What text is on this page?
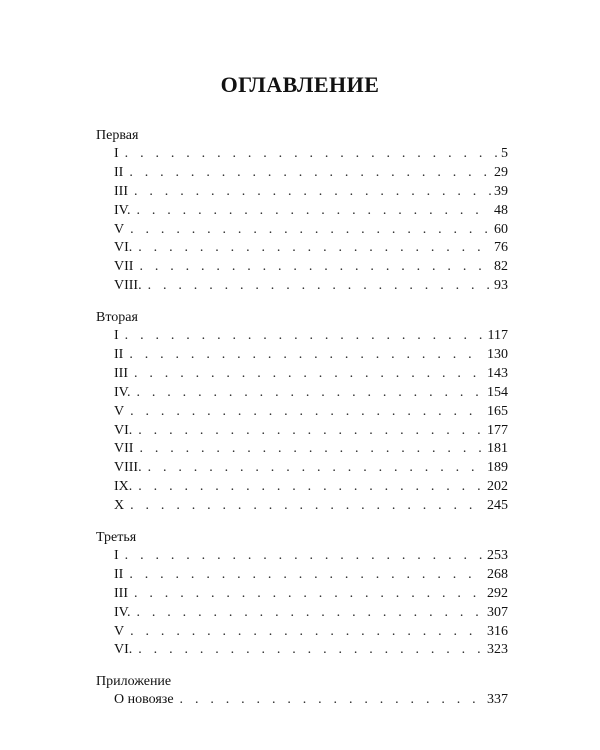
ОГЛАВЛЕНИЕ
Первая
I . . .	5
II . . .	29
III . . .	39
IV. . . .	48
V . . .	60
VI. . . .	76
VII . . .	82
VIII. . . .	93
Вторая
I . . .	117
II . . .	130
III . . .	143
IV. . . .	154
V . . .	165
VI. . . .	177
VII . . .	181
VIII. . . .	189
IX. . . .	202
X . . .	245
Третья
I . . .	253
II . . .	268
III . . .	292
IV. . . .	307
V . . .	316
VI. . . .	323
Приложение
О новоязе . . .	337
